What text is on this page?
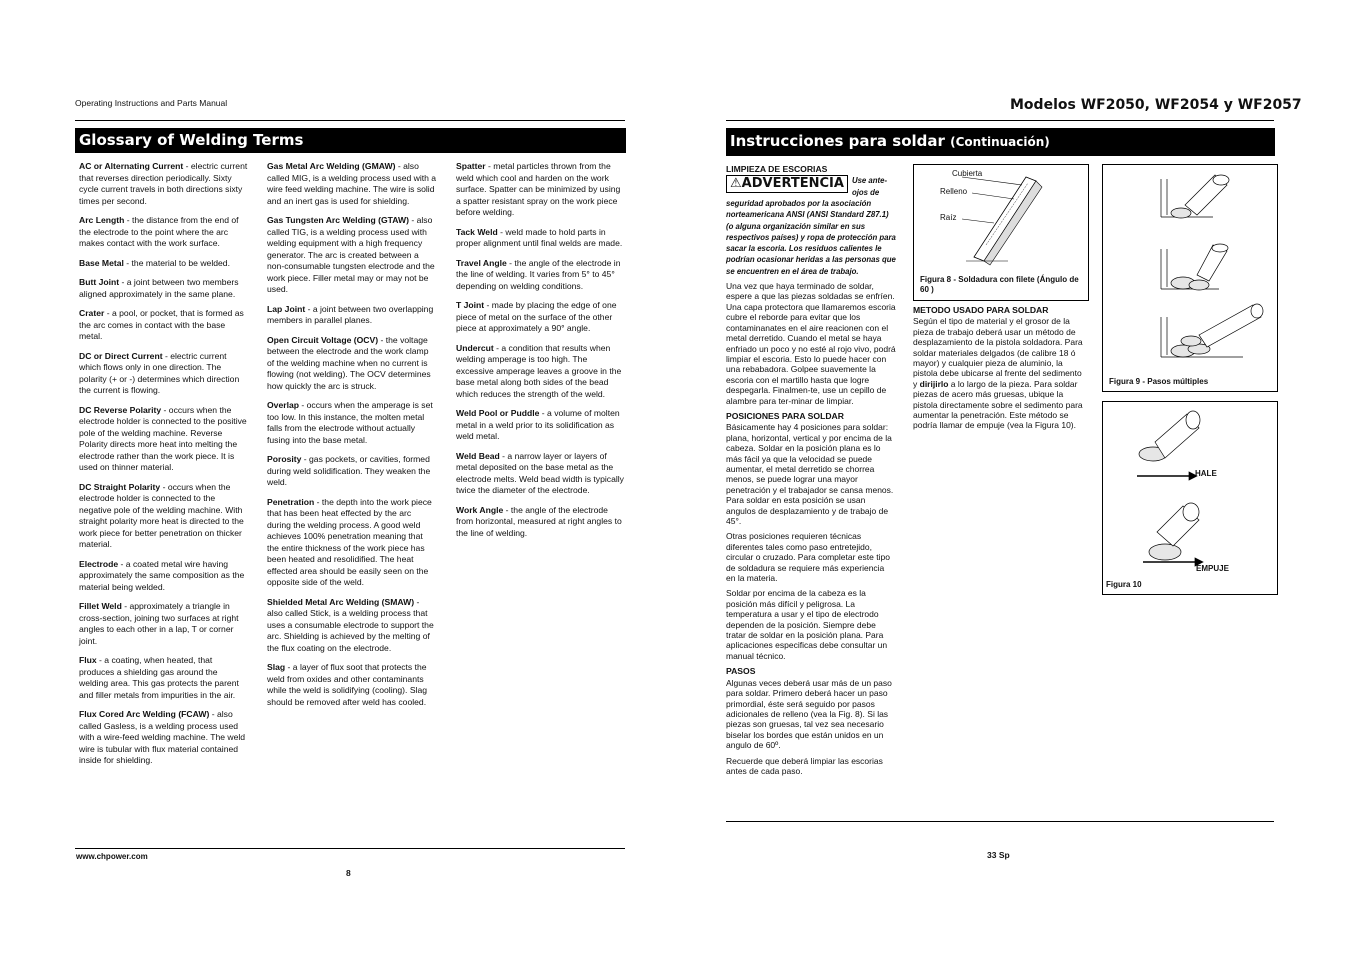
Operating Instructions and Parts Manual
Glossary of Welding Terms

AC or Alternating Current - electric current that reverses direction periodically. Sixty cycle current travels in both directions sixty times per second.

Arc Length - the distance from the end of the electrode to the point where the arc makes contact with the work surface.

Base Metal - the material to be welded.

Butt Joint - a joint between two members aligned approximately in the same plane.

Crater - a pool, or pocket, that is formed as the arc comes in contact with the base metal.

DC or Direct Current - electric current which flows only in one direction. The polarity (+ or -) determines which direction the current is flowing.

DC Reverse Polarity - occurs when the electrode holder is connected to the positive pole of the welding machine. Reverse Polarity directs more heat into melting the electrode rather than the work piece. It is used on thinner material.

DC Straight Polarity - occurs when the electrode holder is connected to the negative pole of the welding machine. With straight polarity more heat is directed to the work piece for better penetration on thicker material.

Electrode - a coated metal wire having approximately the same composition as the material being welded.

Fillet Weld - approximately a triangle in cross-section, joining two surfaces at right angles to each other in a lap, T or corner joint.

Flux - a coating, when heated, that produces a shielding gas around the welding area. This gas protects the parent and filler metals from impurities in the air.

Flux Cored Arc Welding (FCAW) - also called Gasless, is a welding process used with a wire-feed welding machine. The weld wire is tubular with flux material contained inside for shielding.

Gas Metal Arc Welding (GMAW) - also called MIG, is a welding process used with a wire feed welding machine. The wire is solid and an inert gas is used for shielding.

Gas Tungsten Arc Welding (GTAW) - also called TIG, is a welding process used with welding equipment with a high frequency generator. The arc is created between a non-consumable tungsten electrode and the work piece. Filler metal may or may not be used.

Lap Joint - a joint between two overlapping members in parallel planes.

Open Circuit Voltage (OCV) - the voltage between the electrode and the work clamp of the welding machine when no current is flowing (not welding). The OCV determines how quickly the arc is struck.

Overlap - occurs when the amperage is set too low. In this instance, the molten metal falls from the electrode without actually fusing into the base metal.

Porosity - gas pockets, or cavities, formed during weld solidification. They weaken the weld.

Penetration - the depth into the work piece that has been heat effected by the arc during the welding process. A good weld achieves 100% penetration meaning that the entire thickness of the work piece has been heated and resolidified. The heat effected area should be easily seen on the opposite side of the weld.

Shielded Metal Arc Welding (SMAW) - also called Stick, is a welding process that uses a consumable electrode to support the arc. Shielding is achieved by the melting of the flux coating on the electrode.

Slag - a layer of flux soot that protects the weld from oxides and other contaminants while the weld is solidifying (cooling). Slag should be removed after weld has cooled.

Spatter - metal particles thrown from the weld which cool and harden on the work surface. Spatter can be minimized by using a spatter resistant spray on the work piece before welding.

Tack Weld - weld made to hold parts in proper alignment until final welds are made.

Travel Angle - the angle of the electrode in the line of welding. It varies from 5° to 45° depending on welding conditions.

T Joint - made by placing the edge of one piece of metal on the surface of the other piece at approximately a 90° angle.

Undercut - a condition that results when welding amperage is too high. The excessive amperage leaves a groove in the base metal along both sides of the bead which reduces the strength of the weld.

Weld Pool or Puddle - a volume of molten metal in a weld prior to its solidification as weld metal.

Weld Bead - a narrow layer or layers of metal deposited on the base metal as the electrode melts. Weld bead width is typically twice the diameter of the electrode.

Work Angle - the angle of the electrode from horizontal, measured at right angles to the line of welding.

www.chpower.com
8
Modelos WF2050, WF2054 y WF2057
Instrucciones para soldar (Continuación)

LIMPIEZA DE ESCORIAS

⚠ADVERTENCIA	Use ante-ojos de seguridad aprobados por la asociación norteamericana ANSI (ANSI Standard Z87.1) (o alguna organización similar en sus respectivos países) y ropa de protección para sacar la escoria. Los residuos calientes le podrían ocasionar heridas a las personas que se encuentren en el área de trabajo.

Una vez que haya terminado de soldar, espere a que las piezas soldadas se enfríen. Una capa protectora que llamaremos escoria cubre el reborde para evitar que los contaminanates en el aire reacionen con el metal derretido. Cuando el metal se haya enfriado un poco y no esté al rojo vivo, podrá limpiar el escoria. Esto lo puede hacer con una rebabadora. Golpee suavemente la escoria con el martillo hasta que logre despegarla. Finalmen-te, use un cepillo de alambre para ter-minar de limpiar.

POSICIONES PARA SOLDAR

Básicamente hay 4 posiciones para soldar: plana, horizontal, vertical y por encima de la cabeza. Soldar en la posición plana es lo más fácil ya que la velocidad se puede aumentar, el metal derretido se chorrea menos, se puede lograr una mayor penetración y el trabajador se cansa menos. Para soldar en esta posición se usan angulos de desplazamiento y de trabajo de 45°.

Otras posiciones requieren técnicas diferentes tales como paso entretejido, circular o cruzado. Para completar este tipo de soldadura se requiere más experiencia en la materia.

Soldar por encima de la cabeza es la posición más difícil y peligrosa. La temperatura a usar y el tipo de electrodo dependen de la posición. Siempre debe tratar de soldar en la posición plana. Para aplicaciones especificas debe consultar un manual técnico.

PASOS

Algunas veces deberá usar más de un paso para soldar. Primero deberá hacer un paso primordial, éste será seguido por pasos adicionales de relleno (vea la Fig. 8). Si las piezas son gruesas, tal vez sea necesario biselar los bordes que están unidos en un angulo de 60º.

Recuerde que deberá limpiar las escorias antes de cada paso.

Cubierta
Relleno
Raíz
Figura 8 - Soldadura con filete (Ángulo de 60 )

METODO USADO PARA SOLDAR

Según el tipo de material y el grosor de la pieza de trabajo deberá usar un método de desplazamiento de la pistola soldadora. Para soldar materiales delgados (de calibre 18 ó mayor) y cualquier pieza de aluminio, la pistola debe ubicarse al frente del sedimento y dirijirlo a lo largo de la pieza. Para soldar piezas de acero más gruesas, ubique la pistola directamente sobre el sedimento para aumentar la penetración. Este método se podría llamar de empuje (vea la Figura 10).

Figura 9 - Pasos múltiples
HALE
EMPUJE
Figura 10
33 Sp
